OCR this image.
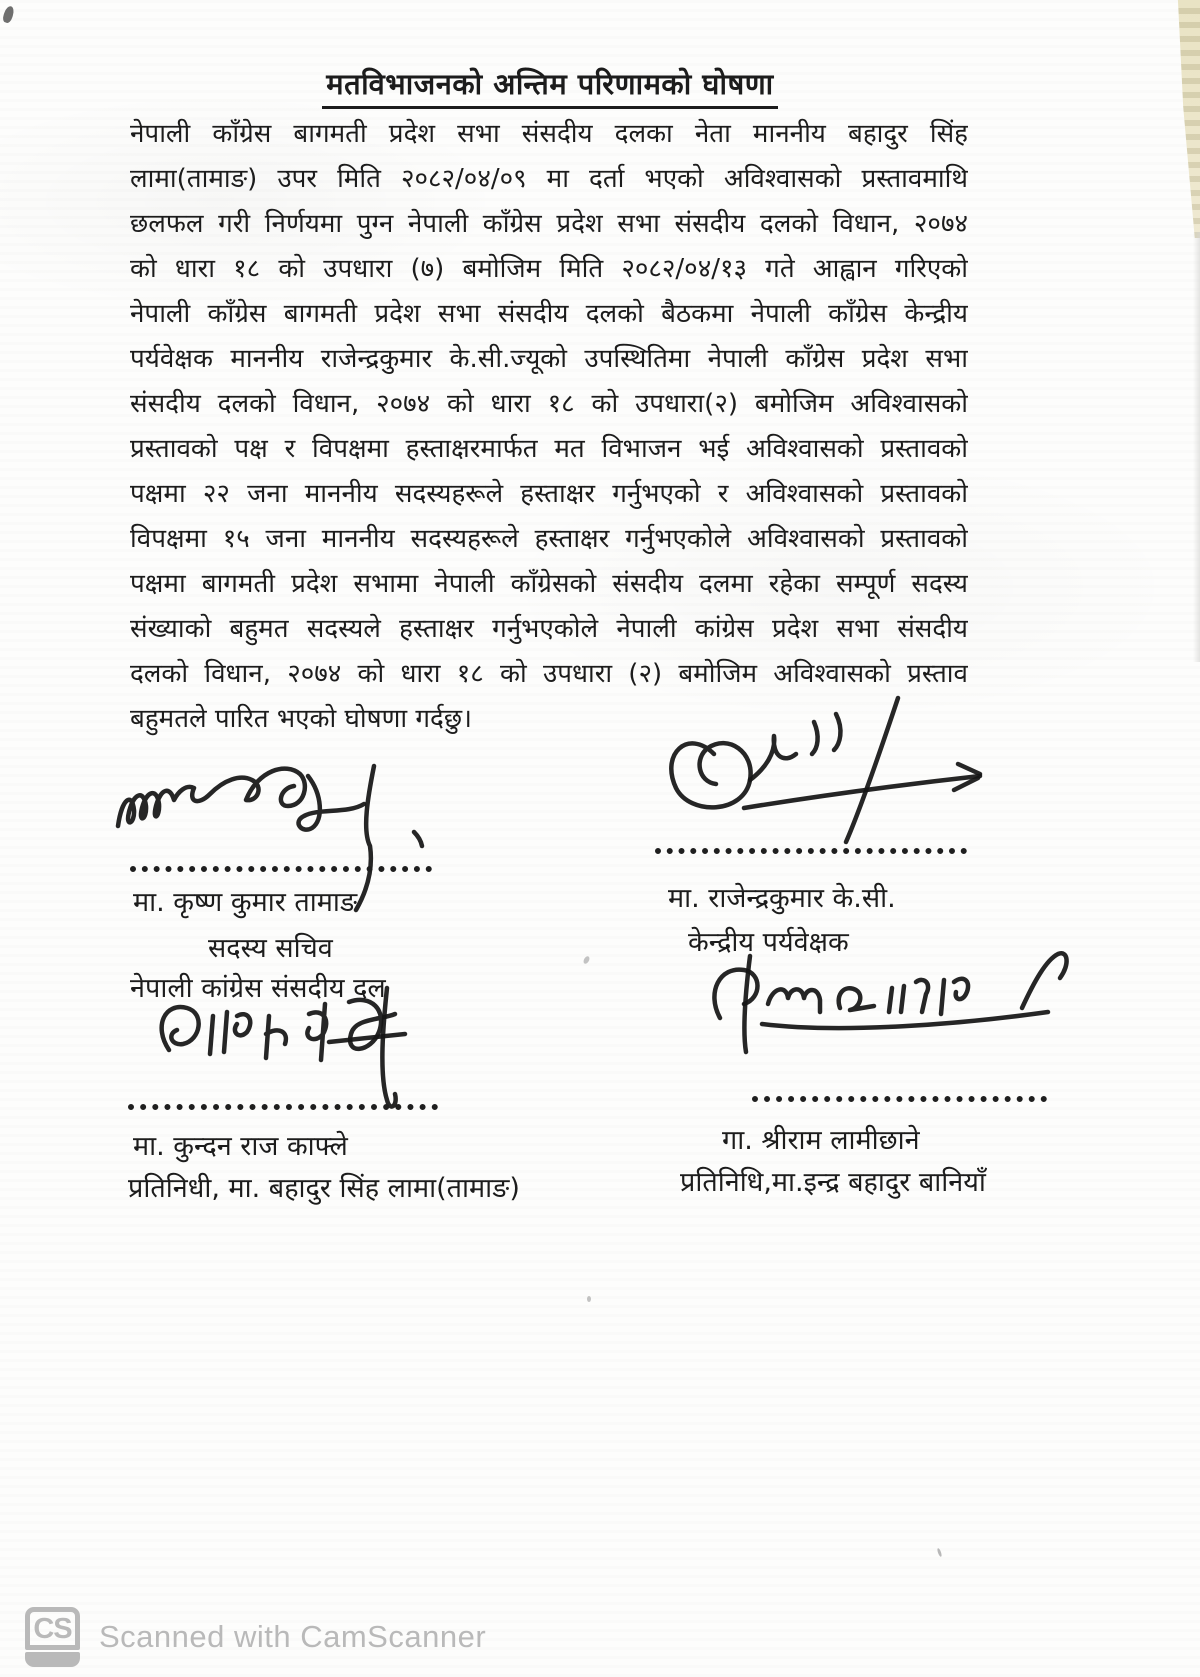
मतविभाजनको अन्तिम परिणामको घोषणा
नेपाली काँग्रेस बागमती प्रदेश सभा संसदीय दलका नेता माननीय बहादुर सिंह
लामा(तामाङ) उपर मिति २०८२/०४/०९ मा दर्ता भएको अविश्वासको प्रस्तावमाथि
छलफल गरी निर्णयमा पुग्न नेपाली काँग्रेस प्रदेश सभा संसदीय दलको विधान, २०७४
को धारा १८ को उपधारा (७) बमोजिम मिति २०८२/०४/१३ गते आह्वान गरिएको
नेपाली काँग्रेस बागमती प्रदेश सभा संसदीय दलको बैठकमा नेपाली काँग्रेस केन्द्रीय
पर्यवेक्षक माननीय राजेन्द्रकुमार के.सी.ज्यूको उपस्थितिमा नेपाली काँग्रेस प्रदेश सभा
संसदीय दलको विधान, २०७४ को धारा १८ को उपधारा(२) बमोजिम अविश्वासको
प्रस्तावको पक्ष र विपक्षमा हस्ताक्षरमार्फत मत विभाजन भई अविश्वासको प्रस्तावको
पक्षमा २२ जना माननीय सदस्यहरूले हस्ताक्षर गर्नुभएको र अविश्वासको प्रस्तावको
विपक्षमा १५ जना माननीय सदस्यहरूले हस्ताक्षर गर्नुभएकोले अविश्वासको प्रस्तावको
पक्षमा बागमती प्रदेश सभामा नेपाली काँग्रेसको संसदीय दलमा रहेका सम्पूर्ण सदस्य
संख्याको बहुमत सदस्यले हस्ताक्षर गर्नुभएकोले नेपाली कांग्रेस प्रदेश सभा संसदीय
दलको विधान, २०७४ को धारा १८ को उपधारा (२) बमोजिम अविश्वासको प्रस्ताव
बहुमतले पारित भएको घोषणा गर्दछु।
मा. कृष्ण कुमार तामाङ
सदस्य सचिव
नेपाली कांग्रेस संसदीय दल
मा. राजेन्द्रकुमार के.सी.
केन्द्रीय पर्यवेक्षक
मा. कुन्दन राज काफ्ले
प्रतिनिधी, मा. बहादुर सिंह लामा(तामाङ)
गा. श्रीराम लामीछाने
प्रतिनिधि,मा.इन्द्र बहादुर बानियाँ
CS Scanned with CamScanner
